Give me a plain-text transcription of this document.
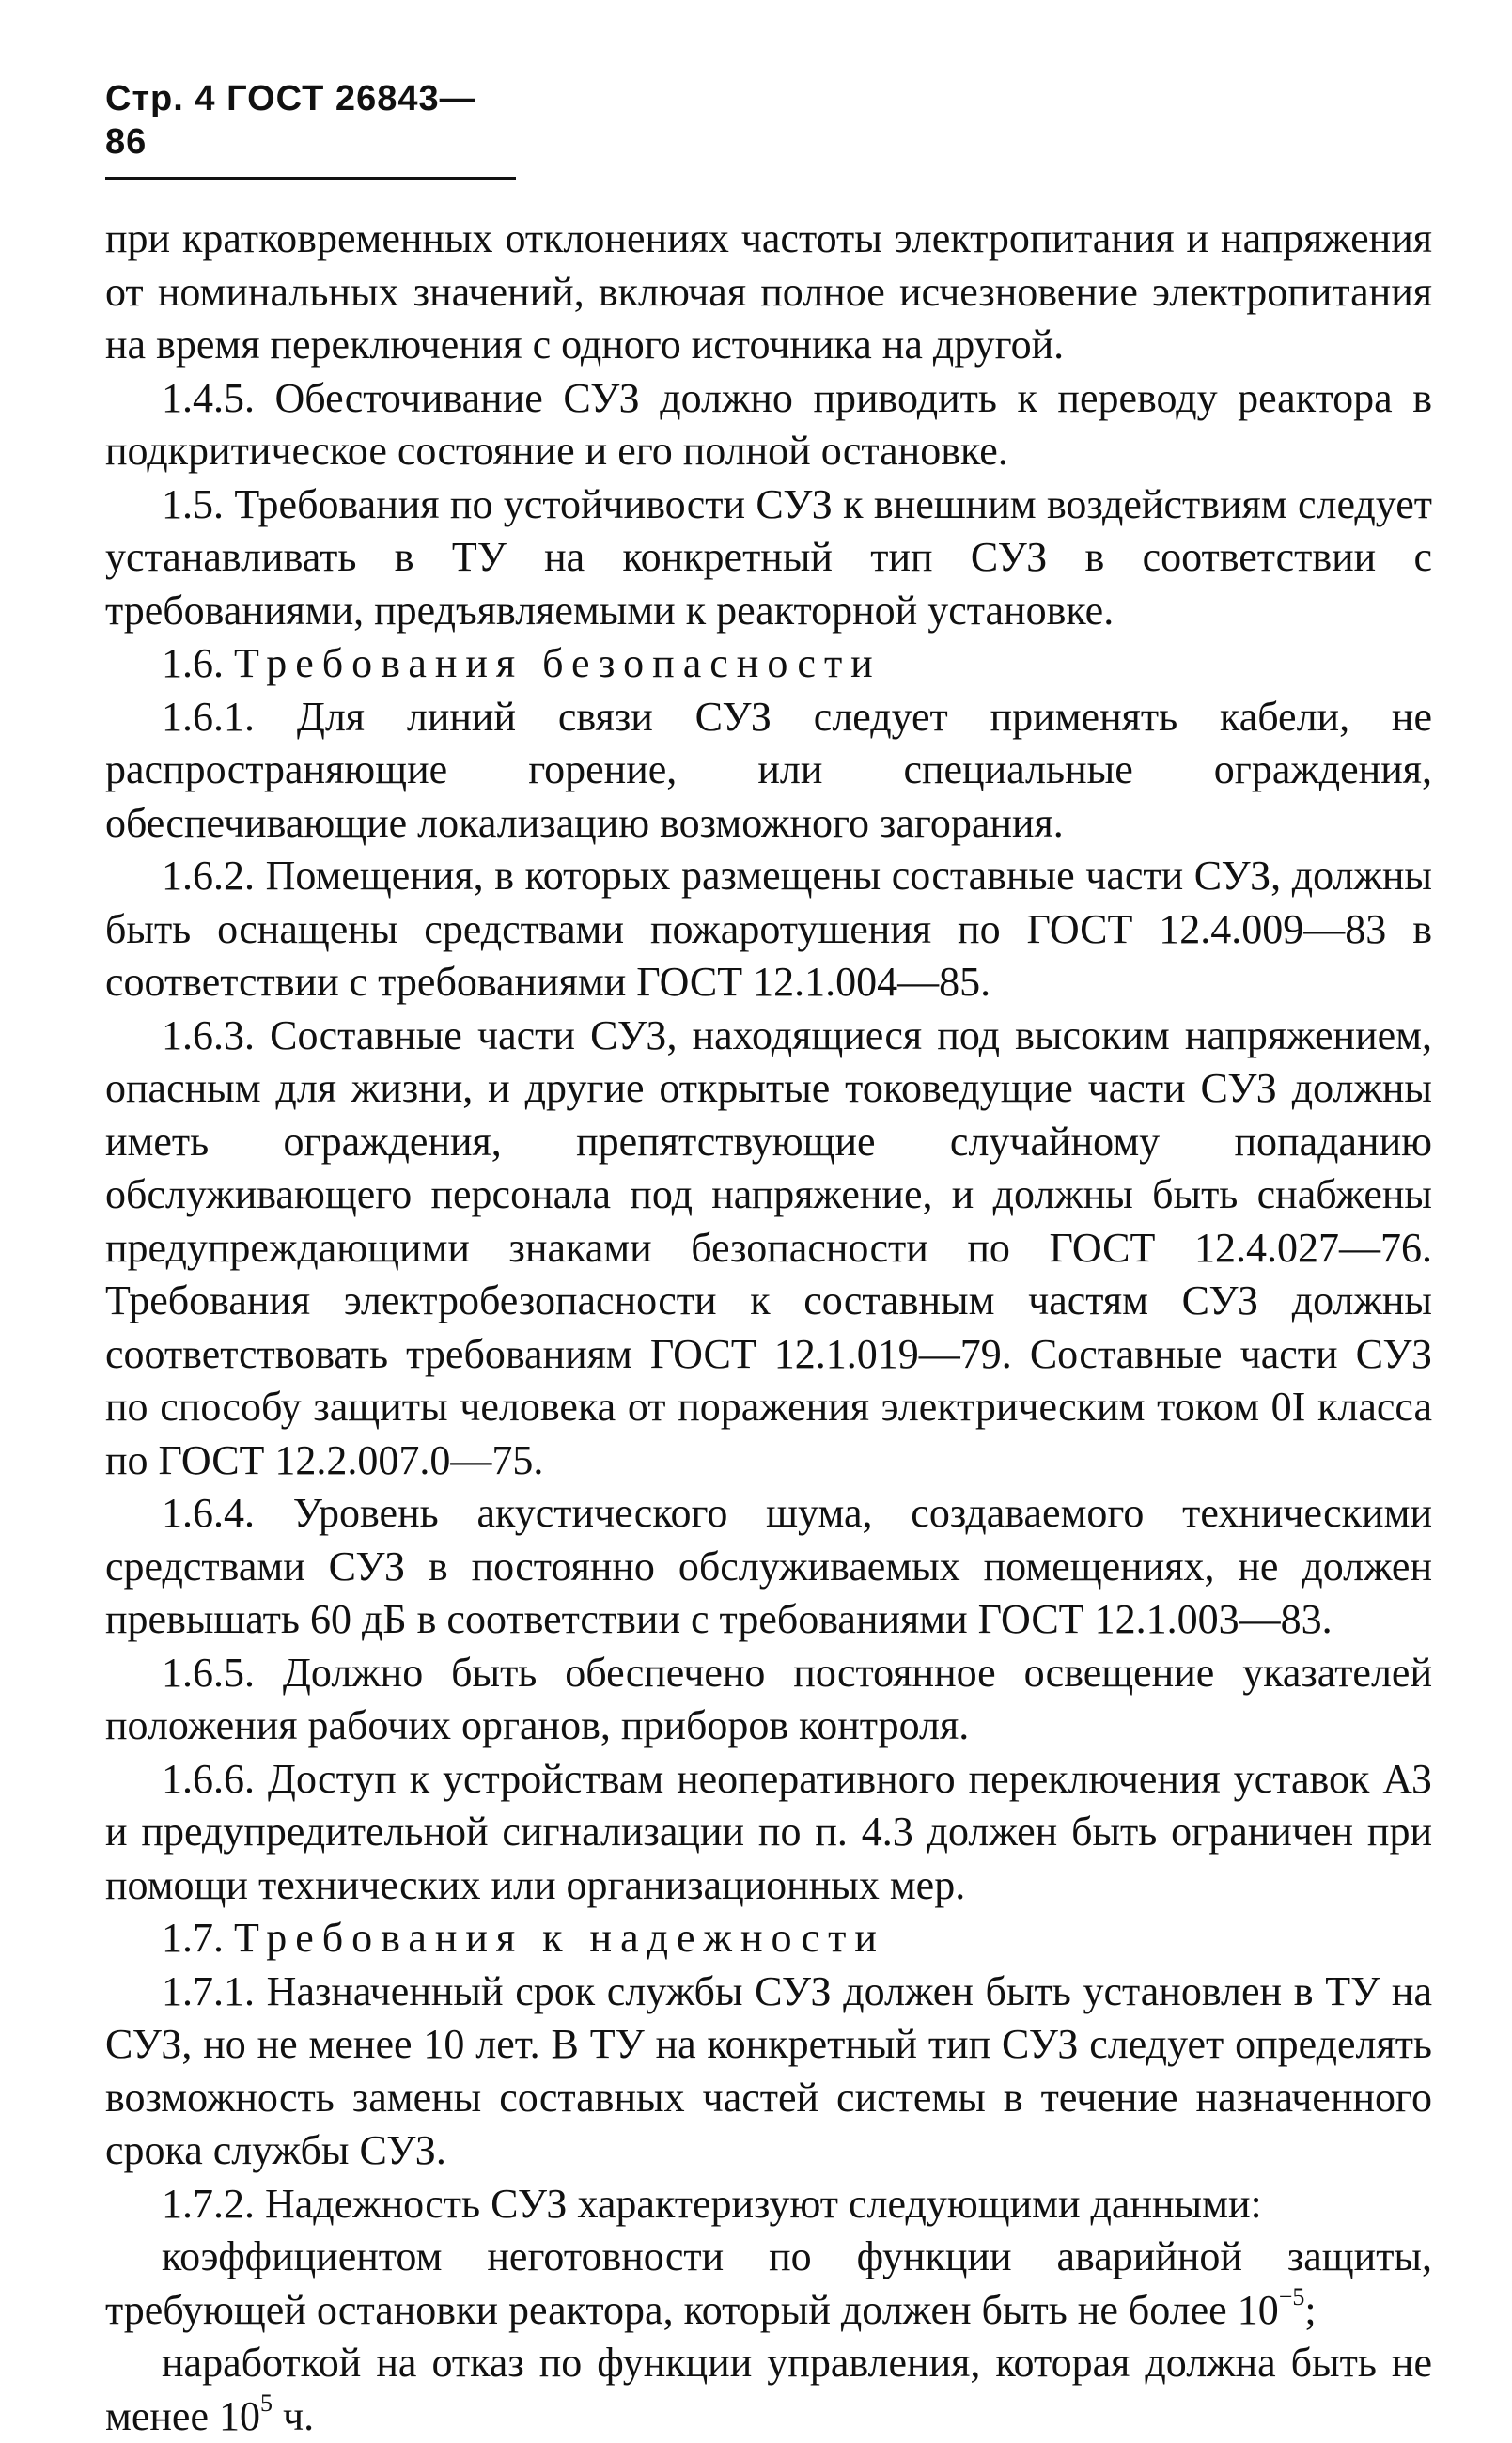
Стр. 4 ГОСТ 26843—86

при кратковременных отклонениях частоты электропитания и напряжения от номинальных значений, включая полное исчезновение электропитания на время переключения с одного источника на другой.

1.4.5. Обесточивание СУЗ должно приводить к переводу реактора в подкритическое состояние и его полной остановке.

1.5. Требования по устойчивости СУЗ к внешним воздействиям следует устанавливать в ТУ на конкретный тип СУЗ в соответствии с требованиями, предъявляемыми к реакторной установке.

1.6. Требования безопасности

1.6.1. Для линий связи СУЗ следует применять кабели, не распространяющие горение, или специальные ограждения, обеспечивающие локализацию возможного загорания.

1.6.2. Помещения, в которых размещены составные части СУЗ, должны быть оснащены средствами пожаротушения по ГОСТ 12.4.009—83 в соответствии с требованиями ГОСТ 12.1.004—85.

1.6.3. Составные части СУЗ, находящиеся под высоким напряжением, опасным для жизни, и другие открытые токоведущие части СУЗ должны иметь ограждения, препятствующие случайному попаданию обслуживающего персонала под напряжение, и должны быть снабжены предупреждающими знаками безопасности по ГОСТ 12.4.027—76. Требования электробезопасности к составным частям СУЗ должны соответствовать требованиям ГОСТ 12.1.019—79. Составные части СУЗ по способу защиты человека от поражения электрическим током 0I класса по ГОСТ 12.2.007.0—75.

1.6.4. Уровень акустического шума, создаваемого техническими средствами СУЗ в постоянно обслуживаемых помещениях, не должен превышать 60 дБ в соответствии с требованиями ГОСТ 12.1.003—83.

1.6.5. Должно быть обеспечено постоянное освещение указателей положения рабочих органов, приборов контроля.

1.6.6. Доступ к устройствам неоперативного переключения уставок АЗ и предупредительной сигнализации по п. 4.3 должен быть ограничен при помощи технических или организационных мер.

1.7. Требования к надежности

1.7.1. Назначенный срок службы СУЗ должен быть установлен в ТУ на СУЗ, но не менее 10 лет. В ТУ на конкретный тип СУЗ следует определять возможность замены составных частей системы в течение назначенного срока службы СУЗ.

1.7.2. Надежность СУЗ характеризуют следующими данными:

коэффициентом неготовности по функции аварийной защиты, требующей остановки реактора, который должен быть не более $10^{-5}$;

наработкой на отказ по функции управления, которая должна быть не менее $10^5$ ч.
